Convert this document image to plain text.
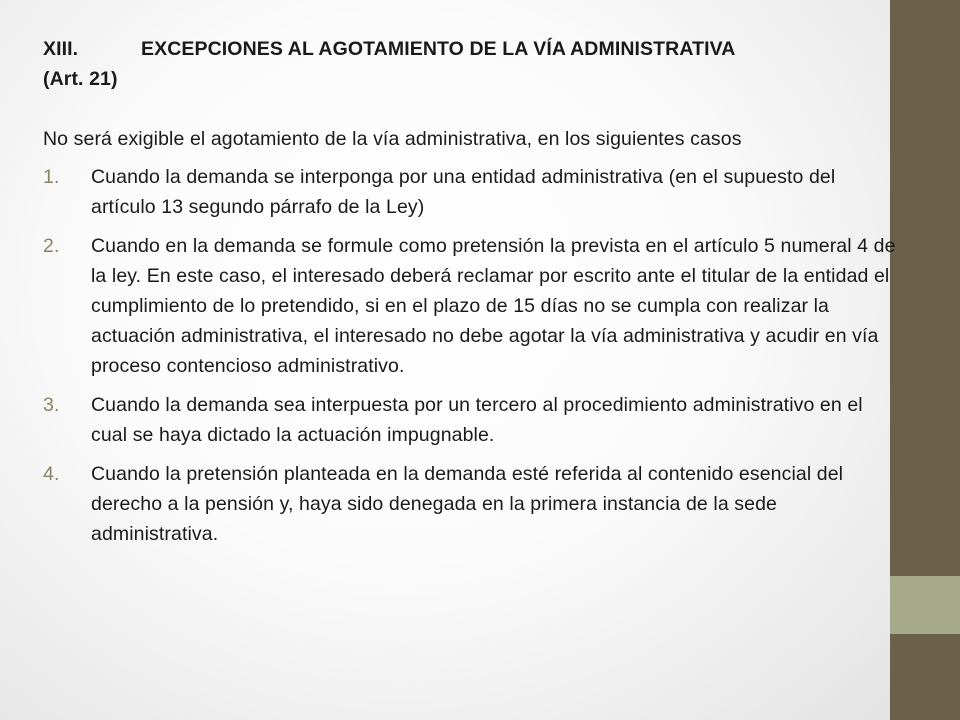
XIII.	EXCEPCIONES AL AGOTAMIENTO DE LA VÍA ADMINISTRATIVA
(Art. 21)

No será exigible el agotamiento de la vía administrativa, en los siguientes casos

1. Cuando la demanda se interponga por una entidad administrativa (en el supuesto del artículo 13 segundo párrafo de la Ley)
2. Cuando en la demanda se formule como pretensión la prevista en el artículo 5 numeral 4 de la ley. En este caso, el interesado deberá reclamar por escrito ante el titular de la entidad el cumplimiento de lo pretendido, si en el plazo de 15 días no se cumpla con realizar la actuación administrativa, el interesado no debe agotar la vía administrativa y acudir en vía proceso contencioso administrativo.
3. Cuando la demanda sea interpuesta por un tercero al procedimiento administrativo en el cual se haya dictado la actuación impugnable.
4. Cuando la pretensión planteada en la demanda esté referida al contenido esencial del derecho a la pensión y, haya sido denegada en la primera instancia de la sede administrativa.
